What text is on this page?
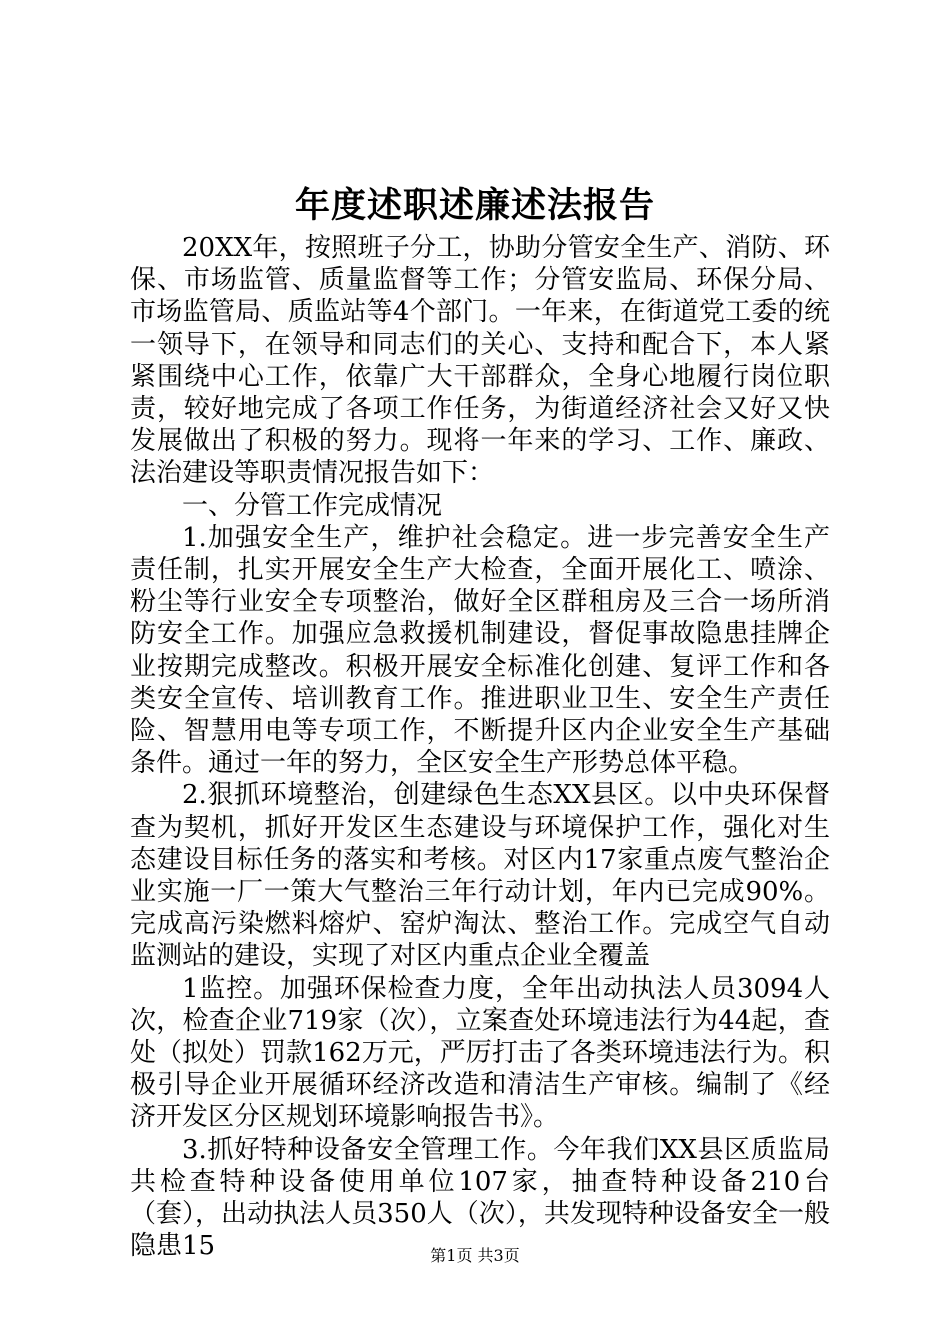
年度述职述廉述法报告

20XX年，按照班子分工，协助分管安全生产、消防、环保、市场监管、质量监督等工作；分管安监局、环保分局、市场监管局、质监站等4个部门。一年来，在街道党工委的统一领导下，在领导和同志们的关心、支持和配合下，本人紧紧围绕中心工作，依靠广大干部群众，全身心地履行岗位职责，较好地完成了各项工作任务，为街道经济社会又好又快发展做出了积极的努力。现将一年来的学习、工作、廉政、法治建设等职责情况报告如下：

一、分管工作完成情况

1.加强安全生产，维护社会稳定。进一步完善安全生产责任制，扎实开展安全生产大检查，全面开展化工、喷涂、粉尘等行业安全专项整治，做好全区群租房及三合一场所消防安全工作。加强应急救援机制建设，督促事故隐患挂牌企业按期完成整改。积极开展安全标准化创建、复评工作和各类安全宣传、培训教育工作。推进职业卫生、安全生产责任险、智慧用电等专项工作，不断提升区内企业安全生产基础条件。通过一年的努力，全区安全生产形势总体平稳。

2.狠抓环境整治，创建绿色生态XX县区。以中央环保督查为契机，抓好开发区生态建设与环境保护工作，强化对生态建设目标任务的落实和考核。对区内17家重点废气整治企业实施一厂一策大气整治三年行动计划，年内已完成90%。完成高污染燃料熔炉、窑炉淘汰、整治工作。完成空气自动监测站的建设，实现了对区内重点企业全覆盖

1监控。加强环保检查力度，全年出动执法人员3094人次，检查企业719家（次），立案查处环境违法行为44起，查处（拟处）罚款162万元，严厉打击了各类环境违法行为。积极引导企业开展循环经济改造和清洁生产审核。编制了《经济开发区分区规划环境影响报告书》。

3.抓好特种设备安全管理工作。今年我们XX县区质监局共检查特种设备使用单位107家，抽查特种设备210台（套），出动执法人员350人（次），共发现特种设备安全一般隐患15	第1页 共3页
